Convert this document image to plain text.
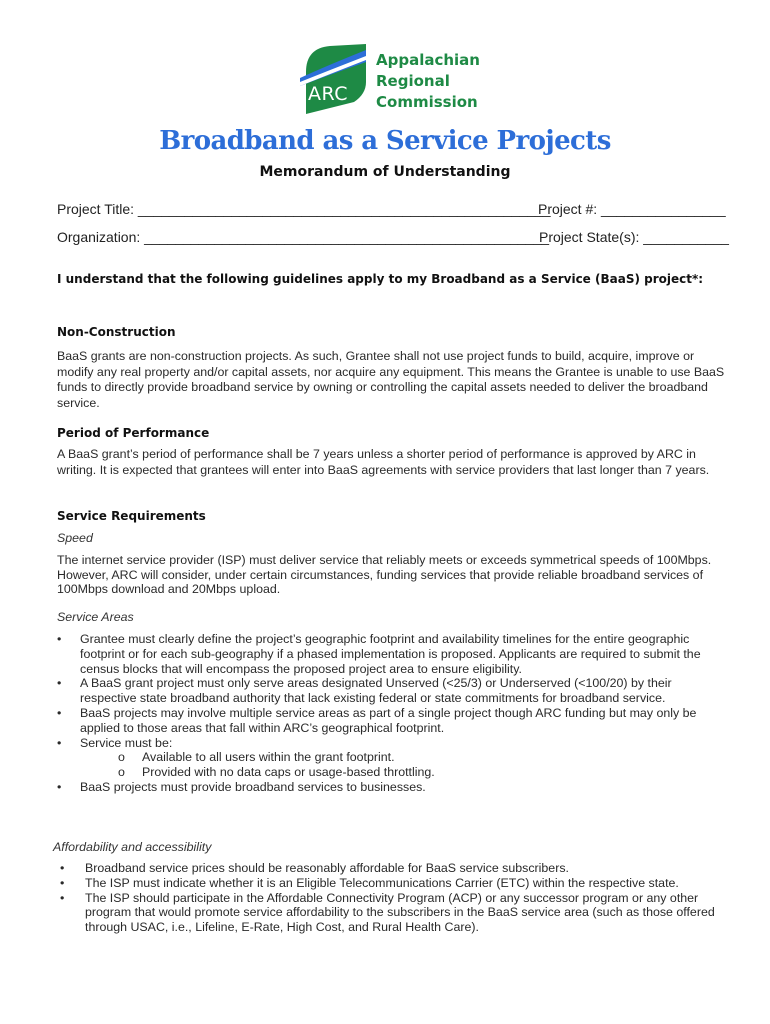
ARC
Appalachian
Regional
Commission
Broadband as a Service Projects
Memorandum of Understanding
Project Title: _____________________________________________________
Project #: ________________
Organization: ____________________________________________________
Project State(s): ___________
I understand that the following guidelines apply to my Broadband as a Service (BaaS) project*:
Non-Construction
BaaS grants are non-construction projects. As such, Grantee shall not use project funds to build, acquire, improve or modify any real property and/or capital assets, nor acquire any equipment. This means the Grantee is unable to use BaaS funds to directly provide broadband service by owning or controlling the capital assets needed to deliver the broadband service.
Period of Performance
A BaaS grant’s period of performance shall be 7 years unless a shorter period of performance is approved by ARC in writing. It is expected that grantees will enter into BaaS agreements with service providers that last longer than 7 years.
Service Requirements
Speed
The internet service provider (ISP) must deliver service that reliably meets or exceeds symmetrical speeds of 100Mbps. However, ARC will consider, under certain circumstances, funding services that provide reliable broadband services of 100Mbps download and 20Mbps upload.
Service Areas
• Grantee must clearly define the project’s geographic footprint and availability timelines for the entire geographic footprint or for each sub-geography if a phased implementation is proposed. Applicants are required to submit the census blocks that will encompass the proposed project area to ensure eligibility.
• A BaaS grant project must only serve areas designated Unserved (<25/3) or Underserved (<100/20) by their respective state broadband authority that lack existing federal or state commitments for broadband service.
• BaaS projects may involve multiple service areas as part of a single project though ARC funding but may only be applied to those areas that fall within ARC’s geographical footprint.
• Service must be:
o Available to all users within the grant footprint.
o Provided with no data caps or usage-based throttling.
• BaaS projects must provide broadband services to businesses.
Affordability and accessibility
• Broadband service prices should be reasonably affordable for BaaS service subscribers.
• The ISP must indicate whether it is an Eligible Telecommunications Carrier (ETC) within the respective state.
• The ISP should participate in the Affordable Connectivity Program (ACP) or any successor program or any other program that would promote service affordability to the subscribers in the BaaS service area (such as those offered through USAC, i.e., Lifeline, E-Rate, High Cost, and Rural Health Care).
